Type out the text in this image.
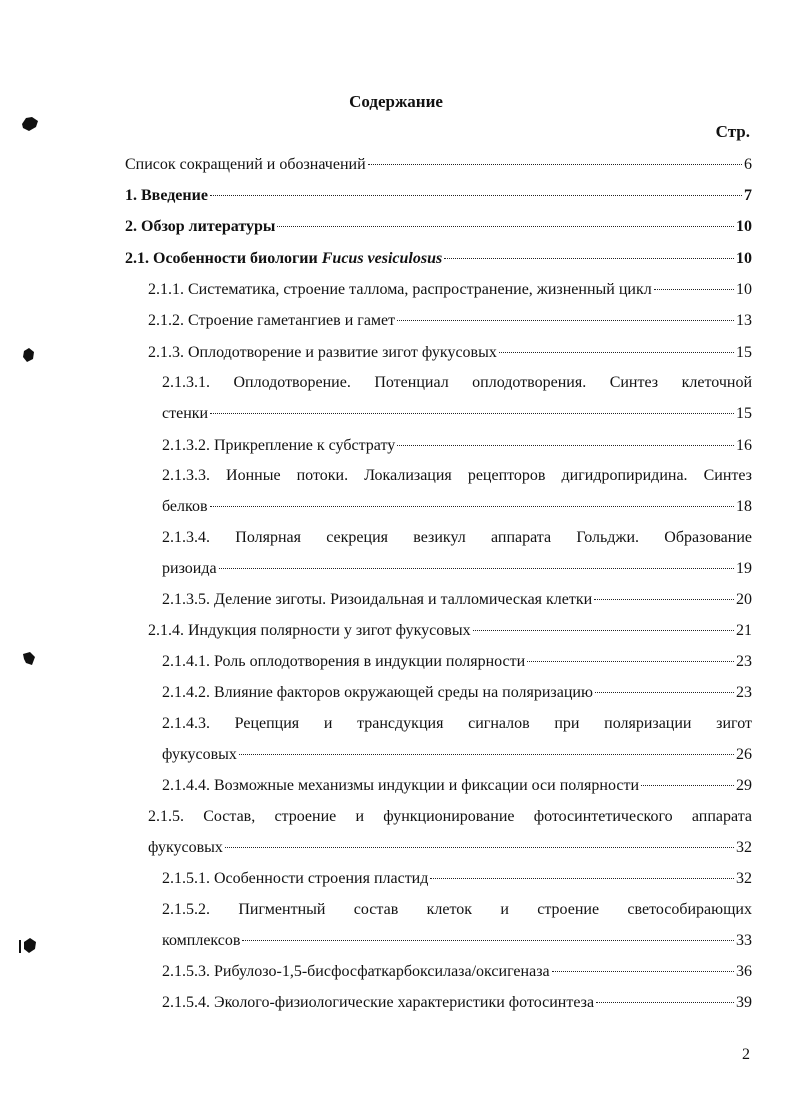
Содержание
Стр.
Список сокращений и обозначений	6
1. Введение	7
2. Обзор литературы	10
2.1. Особенности биологии Fucus vesiculosus	10
2.1.1. Систематика, строение таллома, распространение, жизненный цикл	10
2.1.2. Строение гаметангиев и гамет	13
2.1.3. Оплодотворение и развитие зигот фукусовых	15
2.1.3.1. Оплодотворение. Потенциал оплодотворения. Синтез клеточной
стенки	15
2.1.3.2. Прикрепление к субстрату	16
2.1.3.3. Ионные потоки. Локализация рецепторов дигидропиридина. Синтез
белков	18
2.1.3.4. Полярная секреция везикул аппарата Гольджи. Образование
ризоида	19
2.1.3.5. Деление зиготы. Ризоидальная и талломическая клетки	20
2.1.4. Индукция полярности у зигот фукусовых	21
2.1.4.1. Роль оплодотворения в индукции полярности	23
2.1.4.2. Влияние факторов окружающей среды на поляризацию	23
2.1.4.3. Рецепция и трансдукция сигналов при поляризации зигот
фукусовых	26
2.1.4.4. Возможные механизмы индукции и фиксации оси полярности	29
2.1.5. Состав, строение и функционирование фотосинтетического аппарата
фукусовых	32
2.1.5.1. Особенности строения пластид	32
2.1.5.2. Пигментный состав клеток и строение светособирающих
комплексов	33
2.1.5.3. Рибулозо-1,5-бисфосфаткарбоксилаза/оксигеназа	36
2.1.5.4. Эколого-физиологические характеристики фотосинтеза	39
2
